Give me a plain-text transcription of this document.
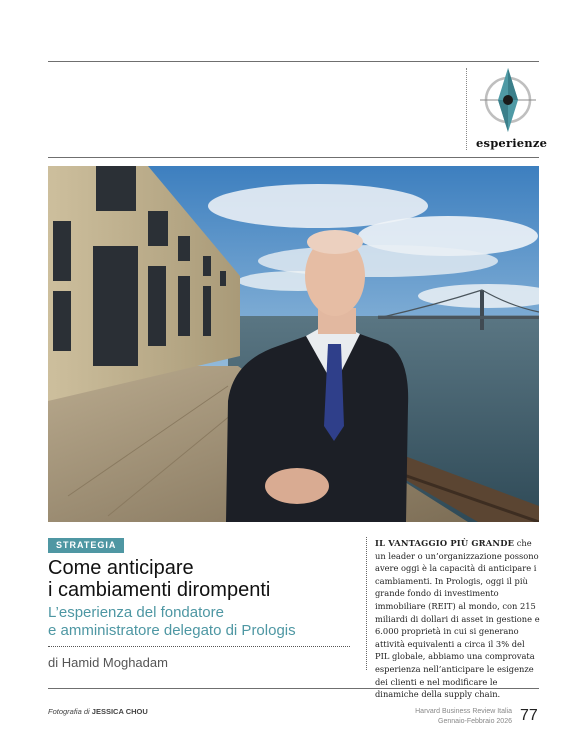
esperienze
STRATEGIA
Come anticipare
i cambiamenti dirompenti

L’esperienza del fondatore
e amministratore delegato di Prologis

di Hamid Moghadam

IL VANTAGGIO PIÙ GRANDE che un leader o un’organizzazione possono avere oggi è la capacità di anticipare i cambiamenti. In Prologis, oggi il più grande fondo di investimento immobiliare (REIT) al mondo, con 215 miliardi di dollari di asset in gestione e 6.000 proprietà in cui si generano attività equivalenti a circa il 3% del PIL globale, abbiamo una comprovata esperienza nell’anticipare le esigenze dei clienti e nel modificare le dinamiche della supply chain.

Fotografia di JESSICA CHOU	Harvard Business Review Italia
Gennaio-Febbraio 2026 77
